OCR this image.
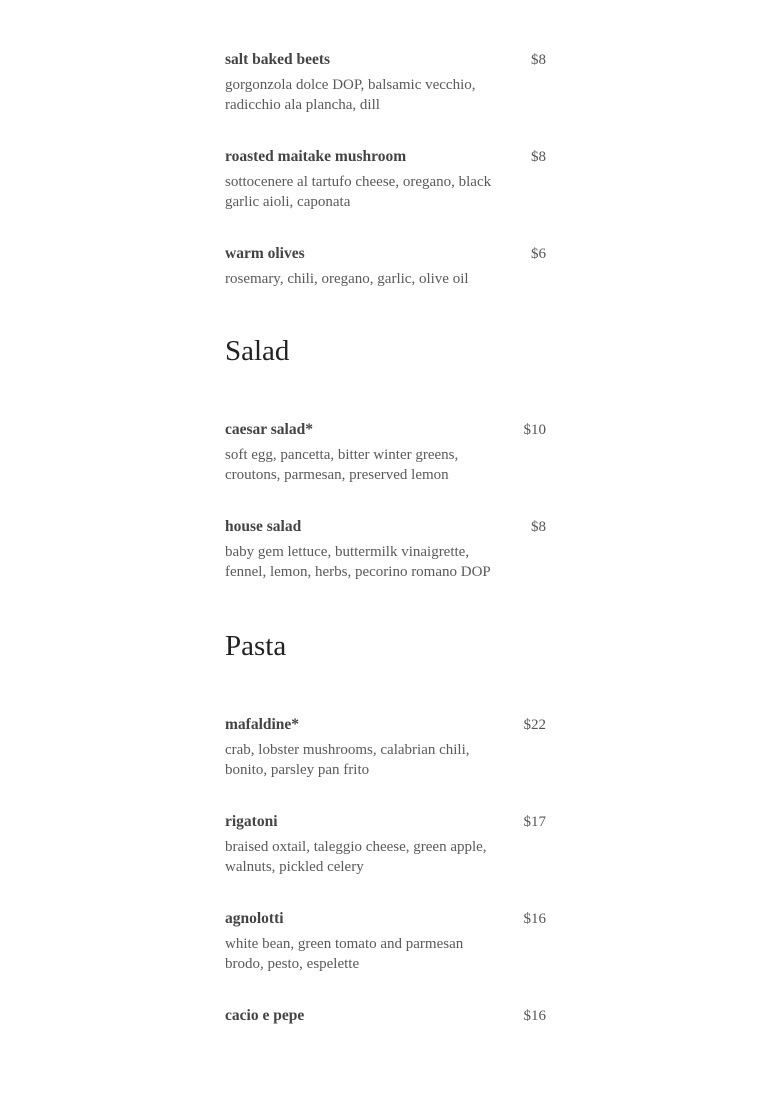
salt baked beets	$8
gorgonzola dolce DOP, balsamic vecchio, radicchio ala plancha, dill
roasted maitake mushroom	$8
sottocenere al tartufo cheese, oregano, black garlic aioli, caponata
warm olives	$6
rosemary, chili, oregano, garlic, olive oil
Salad
caesar salad*	$10
soft egg, pancetta, bitter winter greens, croutons, parmesan, preserved lemon
house salad	$8
baby gem lettuce, buttermilk vinaigrette, fennel, lemon, herbs, pecorino romano DOP
Pasta
mafaldine*	$22
crab, lobster mushrooms, calabrian chili, bonito, parsley pan frito
rigatoni	$17
braised oxtail, taleggio cheese, green apple, walnuts, pickled celery
agnolotti	$16
white bean, green tomato and parmesan brodo, pesto, espelette
cacio e pepe	$16
